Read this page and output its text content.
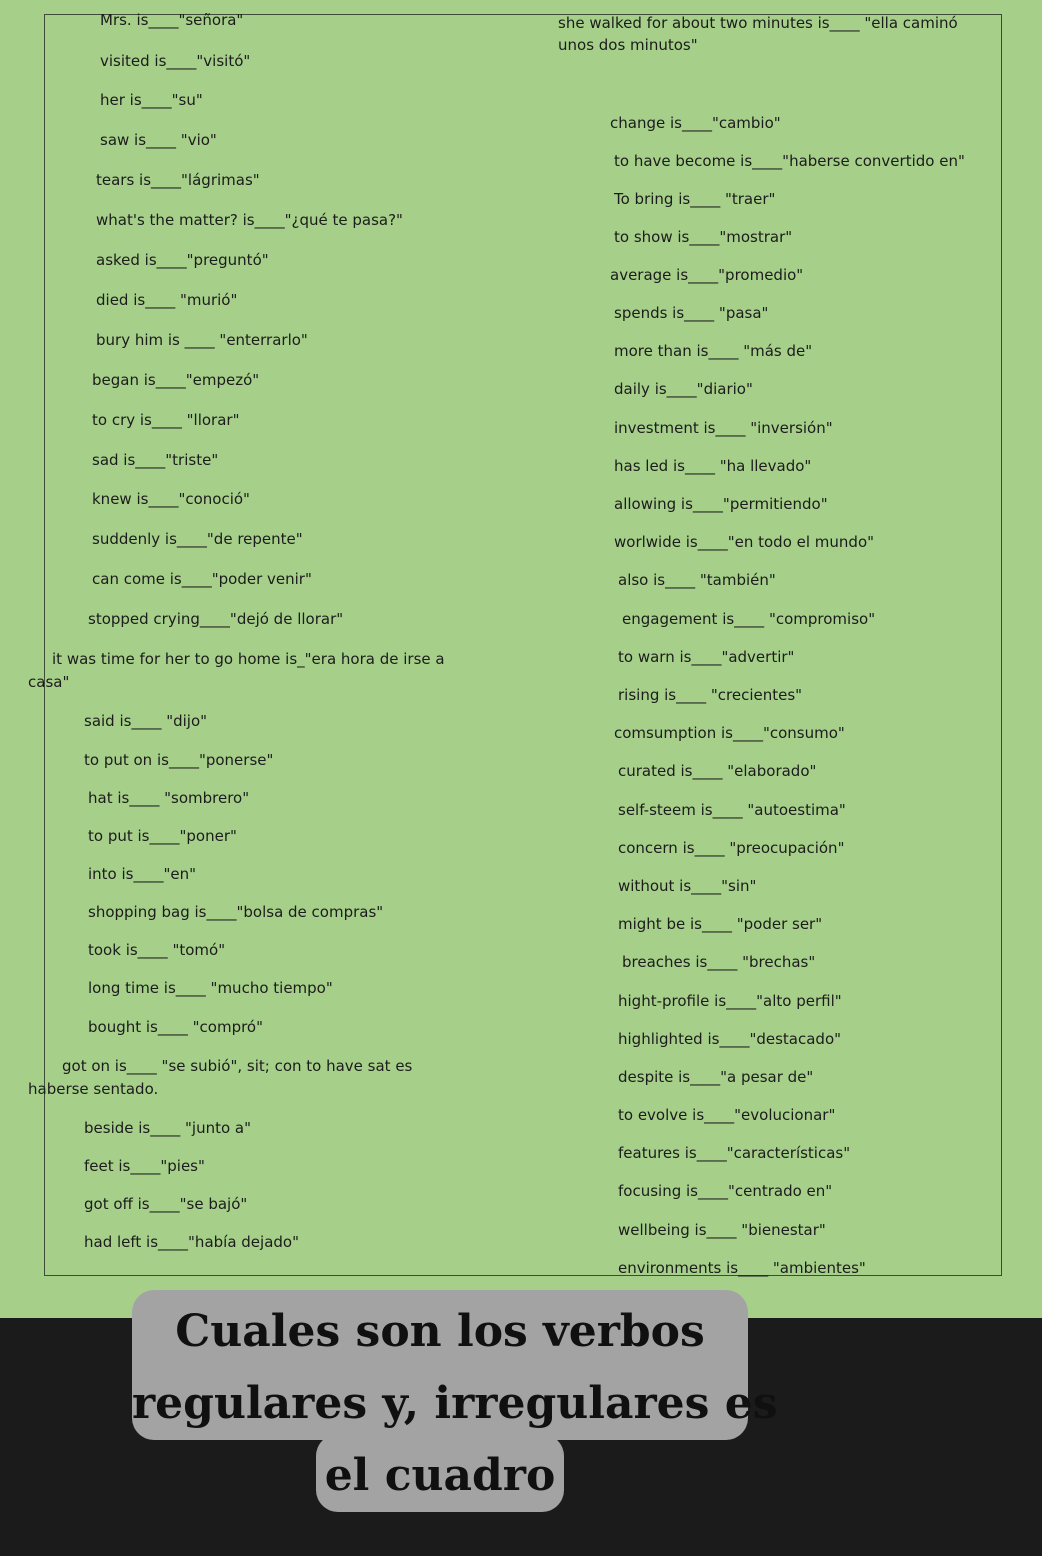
Mrs. is____"señora"
visited is____"visitó"
her is____"su"
saw is____ "vio"
tears is____"lágrimas"
what's the matter? is____"¿qué te pasa?"
asked is____"preguntó"
died is____ "murió"
bury him is ____ "enterrarlo"
began is____"empezó"
to cry is____ "llorar"
sad is____"triste"
knew is____"conoció"
suddenly is____"de repente"
can come is____"poder venir"
stopped crying____"dejó de llorar"
it was time for her to go home is_"era hora de irse a casa"
said is____ "dijo"
to put on is____"ponerse"
hat is____ "sombrero"
to put is____"poner"
into is____"en"
shopping bag is____"bolsa de compras"
took is____ "tomó"
long time is____ "mucho tiempo"
bought is____ "compró"
got on is____ "se subió", sit; con to have sat es haberse sentado.
beside is____ "junto a"
feet is____"pies"
got off is____"se bajó"
had left is____"había dejado"
she walked for about two minutes is____ "ella caminó unos dos minutos"
change is____"cambio"
to have become is____"haberse convertido en"
To bring is____ "traer"
to show is____"mostrar"
average is____"promedio"
spends is____ "pasa"
more than is____ "más de"
daily is____"diario"
investment is____ "inversión"
has led is____ "ha llevado"
allowing is____"permitiendo"
worlwide is____"en todo el mundo"
also is____ "también"
engagement is____ "compromiso"
to warn is____"advertir"
rising is____ "crecientes"
comsumption is____"consumo"
curated is____ "elaborado"
self-steem is____ "autoestima"
concern is____ "preocupación"
without is____"sin"
might be is____ "poder ser"
breaches is____ "brechas"
hight-profile is____"alto perfil"
highlighted is____"destacado"
despite is____"a pesar de"
to evolve is____"evolucionar"
features is____"características"
focusing is____"centrado en"
wellbeing is____ "bienestar"
environments is____ "ambientes"
Cuales son los verbos
regulares y, irregulares es
el cuadro
